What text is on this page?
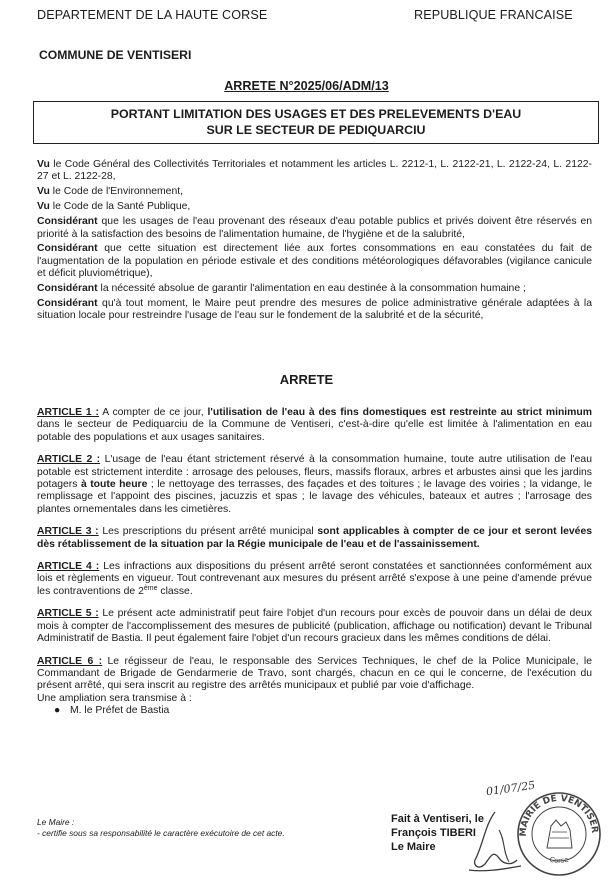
DEPARTEMENT DE LA HAUTE CORSE	REPUBLIQUE FRANCAISE
COMMUNE DE VENTISERI
ARRETE N°2025/06/ADM/13
PORTANT LIMITATION DES USAGES ET DES PRELEVEMENTS D'EAU
SUR LE SECTEUR DE PEDIQUARCIU

Vu le Code Général des Collectivités Territoriales et notamment les articles L. 2212-1, L. 2122-21, L. 2122-24, L. 2122-27 et L. 2122-28,

Vu le Code de l'Environnement,

Vu le Code de la Santé Publique,

Considérant que les usages de l'eau provenant des réseaux d'eau potable publics et privés doivent être réservés en priorité à la satisfaction des besoins de l'alimentation humaine, de l'hygiène et de la salubrité,

Considérant que cette situation est directement liée aux fortes consommations en eau constatées du fait de l'augmentation de la population en période estivale et des conditions météorologiques défavorables (vigilance canicule et déficit pluviométrique),

Considérant la nécessité absolue de garantir l'alimentation en eau destinée à la consommation humaine ;

Considérant qu'à tout moment, le Maire peut prendre des mesures de police administrative générale adaptées à la situation locale pour restreindre l'usage de l'eau sur le fondement de la salubrité et de la sécurité,

ARRETE

ARTICLE 1 : A compter de ce jour, l'utilisation de l'eau à des fins domestiques est restreinte au strict minimum dans le secteur de Pediquarciu de la Commune de Ventiseri, c'est-à-dire qu'elle est limitée à l'alimentation en eau potable des populations et aux usages sanitaires.

ARTICLE 2 : L'usage de l'eau étant strictement réservé à la consommation humaine, toute autre utilisation de l'eau potable est strictement interdite : arrosage des pelouses, fleurs, massifs floraux, arbres et arbustes ainsi que les jardins potagers à toute heure ; le nettoyage des terrasses, des façades et des toitures ; le lavage des voiries ; la vidange, le remplissage et l'appoint des piscines, jacuzzis et spas ; le lavage des véhicules, bateaux et autres ; l'arrosage des plantes ornementales dans les cimetières.

ARTICLE 3 : Les prescriptions du présent arrêté municipal sont applicables à compter de ce jour et seront levées dès rétablissement de la situation par la Régie municipale de l'eau et de l'assainissement.

ARTICLE 4 : Les infractions aux dispositions du présent arrêté seront constatées et sanctionnées conformément aux lois et règlements en vigueur. Tout contrevenant aux mesures du présent arrêté s'expose à une peine d'amende prévue les contraventions de 2ème classe.

ARTICLE 5 : Le présent acte administratif peut faire l'objet d'un recours pour excès de pouvoir dans un délai de deux mois à compter de l'accomplissement des mesures de publicité (publication, affichage ou notification) devant le Tribunal Administratif de Bastia. Il peut également faire l'objet d'un recours gracieux dans les mêmes conditions de délai.

ARTICLE 6 : Le régisseur de l'eau, le responsable des Services Techniques, le chef de la Police Municipale, le Commandant de Brigade de Gendarmerie de Travo, sont chargés, chacun en ce qui le concerne, de l'exécution du présent arrêté, qui sera inscrit au registre des arrêtés municipaux et publié par voie d'affichage.

Une ampliation sera transmise à :

● M. le Préfet de Bastia

Le Maire :
- certifie sous sa responsabilité le caractère exécutoire de cet acte.
Fait à Ventiseri, le
François TIBERI
Le Maire
01/07/25
MAIRIE DE VENTISER
Corse
